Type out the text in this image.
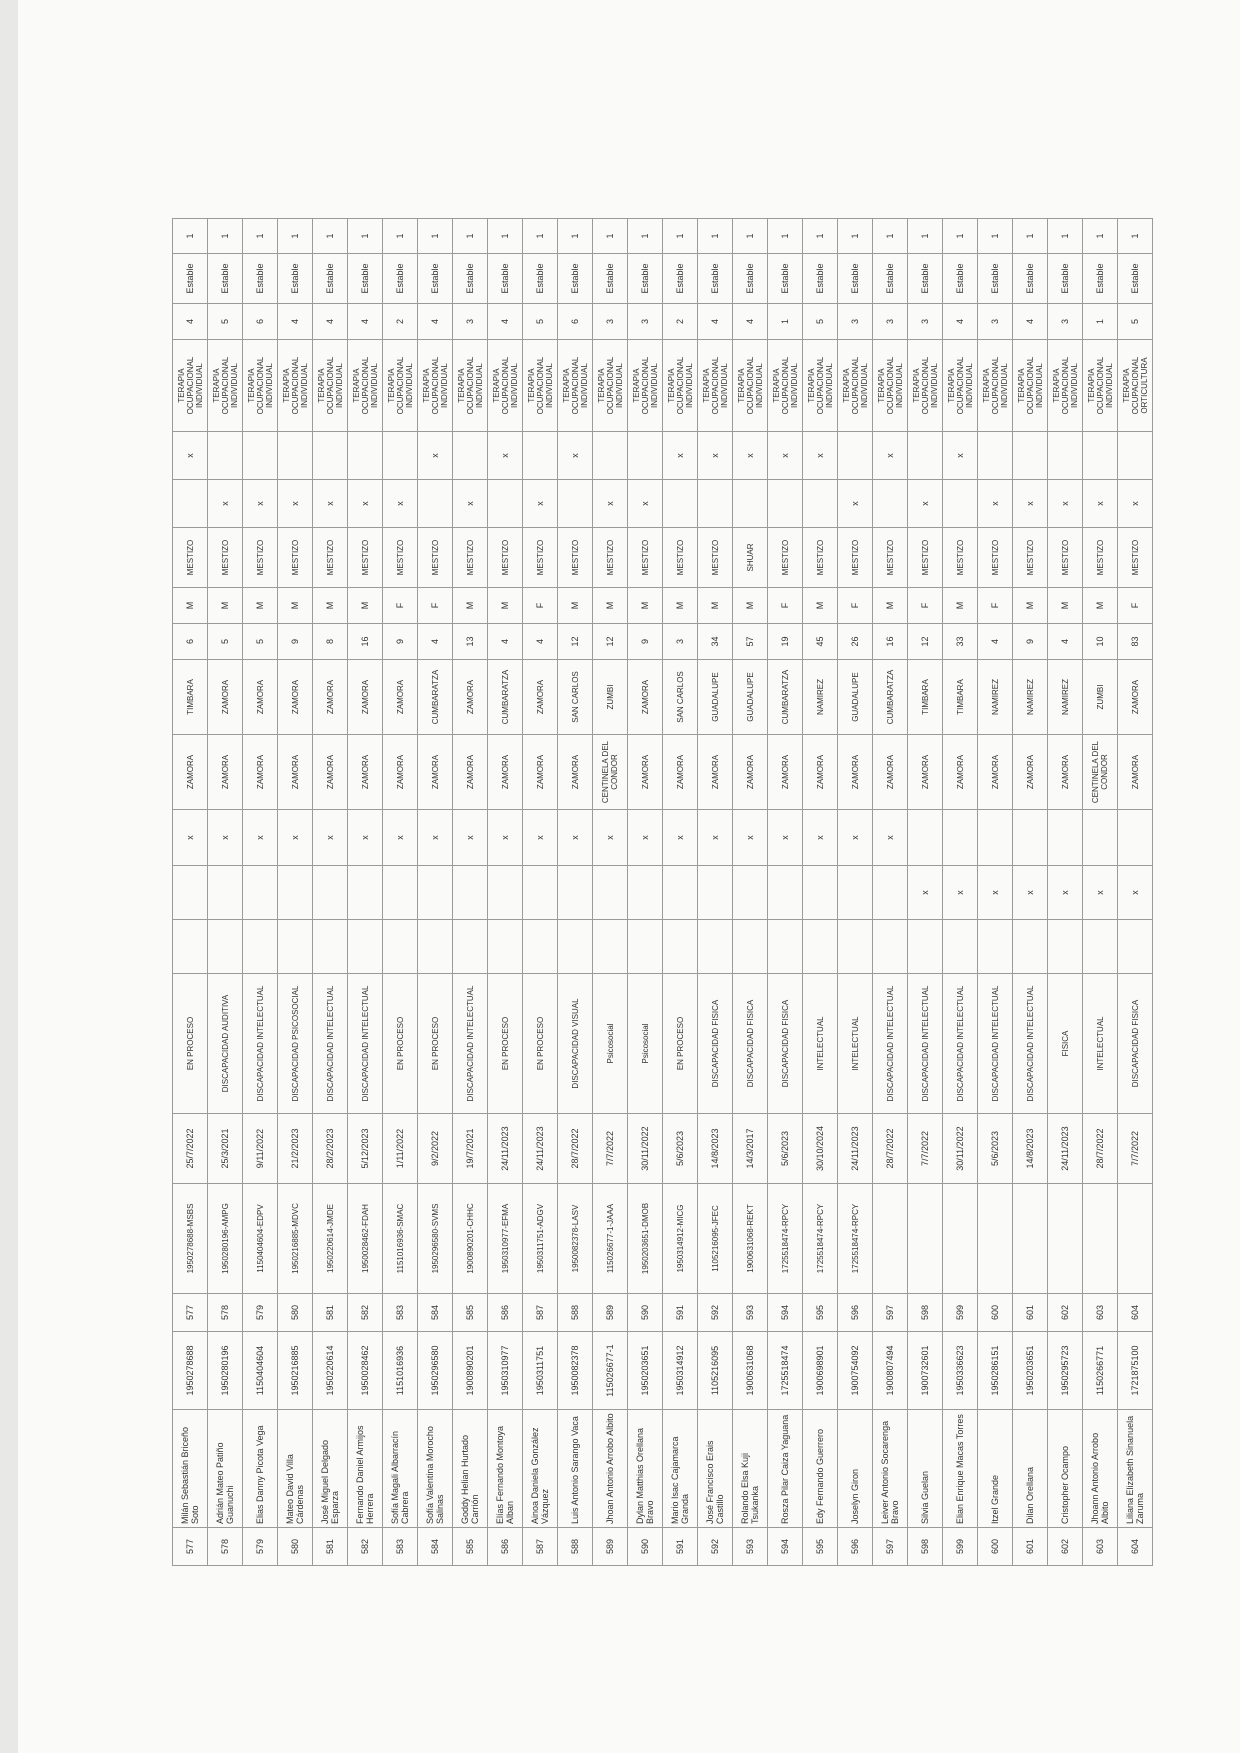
577	Milán Sebastián Briceño Soto	1950278688	577	1950278688-MSBS	25/7/2022	EN PROCESO			x	ZAMORA	TIMBARA	6	M	MESTIZO		x	TERAPIA OCUPACIONAL INDIVIDUAL	4	Estable	1
578	Adrián Mateo Patiño Guanuchi	1950280196	578	1950280196-AMPG	25/3/2021	DISCAPACIDAD AUDITIVA			x	ZAMORA	ZAMORA	5	M	MESTIZO	x		TERAPIA OCUPACIONAL INDIVIDUAL	5	Estable	1
579	Elias Danny Picota Vega	1150404604	579	1150404604-EDPV	9/11/2022	DISCAPACIDAD INTELECTUAL			x	ZAMORA	ZAMORA	5	M	MESTIZO	x		TERAPIA OCUPACIONAL INDIVIDUAL	6	Estable	1
580	Mateo David Villa Cárdenas	1950216885	580	1950216885-MDVC	21/2/2023	DISCAPACIDAD PSICOSOCIAL			x	ZAMORA	ZAMORA	9	M	MESTIZO	x		TERAPIA OCUPACIONAL INDIVIDUAL	4	Estable	1
581	José Miguel Delgado Esparza	1950220614	581	1950220614-JMDE	28/2/2023	DISCAPACIDAD INTELECTUAL			x	ZAMORA	ZAMORA	8	M	MESTIZO	x		TERAPIA OCUPACIONAL INDIVIDUAL	4	Estable	1
582	Fernando Daniel Armijos Herrera	1950028462	582	1950028462-FDAH	5/12/2023	DISCAPACIDAD INTELECTUAL			x	ZAMORA	ZAMORA	16	M	MESTIZO	x		TERAPIA OCUPACIONAL INDIVIDUAL	4	Estable	1
583	Sofía Magali Albarracín Cabrera	1151016936	583	1151016936-SMAC	1/11/2022	EN PROCESO			x	ZAMORA	ZAMORA	9	F	MESTIZO	x		TERAPIA OCUPACIONAL INDIVIDUAL	2	Estable	1
584	Sofía Valentina Morocho Salinas	1950296580	584	1950296580-SVMS	9/2/2022	EN PROCESO			x	ZAMORA	CUMBARATZA	4	F	MESTIZO		x	TERAPIA OCUPACIONAL INDIVIDUAL	4	Estable	1
585	Goddy Helian Hurtado Carrión	1900890201	585	1900890201-CHHC	19/7/2021	DISCAPACIDAD INTELECTUAL			x	ZAMORA	ZAMORA	13	M	MESTIZO	x		TERAPIA OCUPACIONAL INDIVIDUAL	3	Estable	1
586	Elías Fernando Montoya Alban	1950310977	586	1950310977-EFMA	24/11/2023	EN PROCESO			x	ZAMORA	CUMBARATZA	4	M	MESTIZO		x	TERAPIA OCUPACIONAL INDIVIDUAL	4	Estable	1
587	Ainoa Daniela González Vázquez	1950311751	587	1950311751-ADGV	24/11/2023	EN PROCESO			x	ZAMORA	ZAMORA	4	F	MESTIZO	x		TERAPIA OCUPACIONAL INDIVIDUAL	5	Estable	1
588	Luis Antonio Sarango Vaca	1950082378	588	1950082378-LASV	28/7/2022	DISCAPACIDAD VISUAL			x	ZAMORA	SAN CARLOS	12	M	MESTIZO		x	TERAPIA OCUPACIONAL INDIVIDUAL	6	Estable	1
589	Jhoan Antonio Arrobo Albito	115026677-1	589	115026677-1-JAAA	7/7/2022	Psicosocial			x	CENTINELA DEL CONDOR	ZUMBI	12	M	MESTIZO	x		TERAPIA OCUPACIONAL INDIVIDUAL	3	Estable	1
590	Dylan Matthias Orellana Bravo	1950203651	590	1950203651-DMOB	30/11/2022	Psicosocial			x	ZAMORA	ZAMORA	9	M	MESTIZO	x		TERAPIA OCUPACIONAL INDIVIDUAL	3	Estable	1
591	Mario Isac Cajamarca Granda	1950314912	591	1950314912-MICG	5/6/2023	EN PROCESO			x	ZAMORA	SAN CARLOS	3	M	MESTIZO		x	TERAPIA OCUPACIONAL INDIVIDUAL	2	Estable	1
592	José Francisco Erais Castillo	1105216095	592	1105216095-JFEC	14/8/2023	DISCAPACIDAD FISICA			x	ZAMORA	GUADALUPE	34	M	MESTIZO		x	TERAPIA OCUPACIONAL INDIVIDUAL	4	Estable	1
593	Rolando Elsa Kuji Tsukanka	1900631068	593	1900631068-REKT	14/3/2017	DISCAPACIDAD FISICA			x	ZAMORA	GUADALUPE	57	M	SHUAR		x	TERAPIA OCUPACIONAL INDIVIDUAL	4	Estable	1
594	Rosza Pilar Caiza Yaguana	1725518474	594	1725518474-RPCY	5/6/2023	DISCAPACIDAD FISICA			x	ZAMORA	CUMBARATZA	19	F	MESTIZO		x	TERAPIA OCUPACIONAL INDIVIDUAL	1	Estable	1
595	Edy Fernando Guerrero	1900698901	595	1725518474-RPCY	30/10/2024	INTELECTUAL			x	ZAMORA	NAMIREZ	45	M	MESTIZO		x	TERAPIA OCUPACIONAL INDIVIDUAL	5	Estable	1
596	Joselyn Giron	1900754092	596	1725518474-RPCY	24/11/2023	INTELECTUAL			x	ZAMORA	GUADALUPE	26	F	MESTIZO	x		TERAPIA OCUPACIONAL INDIVIDUAL	3	Estable	1
597	Leiver Antonio Socarenga Bravo	1900807494	597		28/7/2022	DISCAPACIDAD INTELECTUAL			x	ZAMORA	CUMBARATZA	16	M	MESTIZO		x	TERAPIA OCUPACIONAL INDIVIDUAL	3	Estable	1
598	Silvia Guelan	1900732601	598		7/7/2022	DISCAPACIDAD INTELECTUAL		x		ZAMORA	TIMBARA	12	F	MESTIZO	x		TERAPIA OCUPACIONAL INDIVIDUAL	3	Estable	1
599	Elian Enrique Macas Torres	1950336623	599		30/11/2022	DISCAPACIDAD INTELECTUAL		x		ZAMORA	TIMBARA	33	M	MESTIZO		x	TERAPIA OCUPACIONAL INDIVIDUAL	4	Estable	1
600	Itzel Grande	1950286151	600		5/6/2023	DISCAPACIDAD INTELECTUAL		x		ZAMORA	NAMIREZ	4	F	MESTIZO	x		TERAPIA OCUPACIONAL INDIVIDUAL	3	Estable	1
601	Dilan Orellana	1950203651	601		14/8/2023	DISCAPACIDAD INTELECTUAL		x		ZAMORA	NAMIREZ	9	M	MESTIZO	x		TERAPIA OCUPACIONAL INDIVIDUAL	4	Estable	1
602	Cristopher Ocampo	1950295723	602		24/11/2023	FISICA		x		ZAMORA	NAMIREZ	4	M	MESTIZO	x		TERAPIA OCUPACIONAL INDIVIDUAL	3	Estable	1
603	Jhoann Antonio Arrobo Albito	1150266771	603		28/7/2022	INTELECTUAL		x		CENTINELA DEL CONDOR	ZUMBI	10	M	MESTIZO	x		TERAPIA OCUPACIONAL INDIVIDUAL	1	Estable	1
604	Liliana Elizabeth Sinanuela Zaruma	1721875100	604		7/7/2022	DISCAPACIDAD FISICA		x		ZAMORA	ZAMORA	83	F	MESTIZO	x		TERAPIA OCUPACIONAL ORTICULTURA	5	Estable	1
